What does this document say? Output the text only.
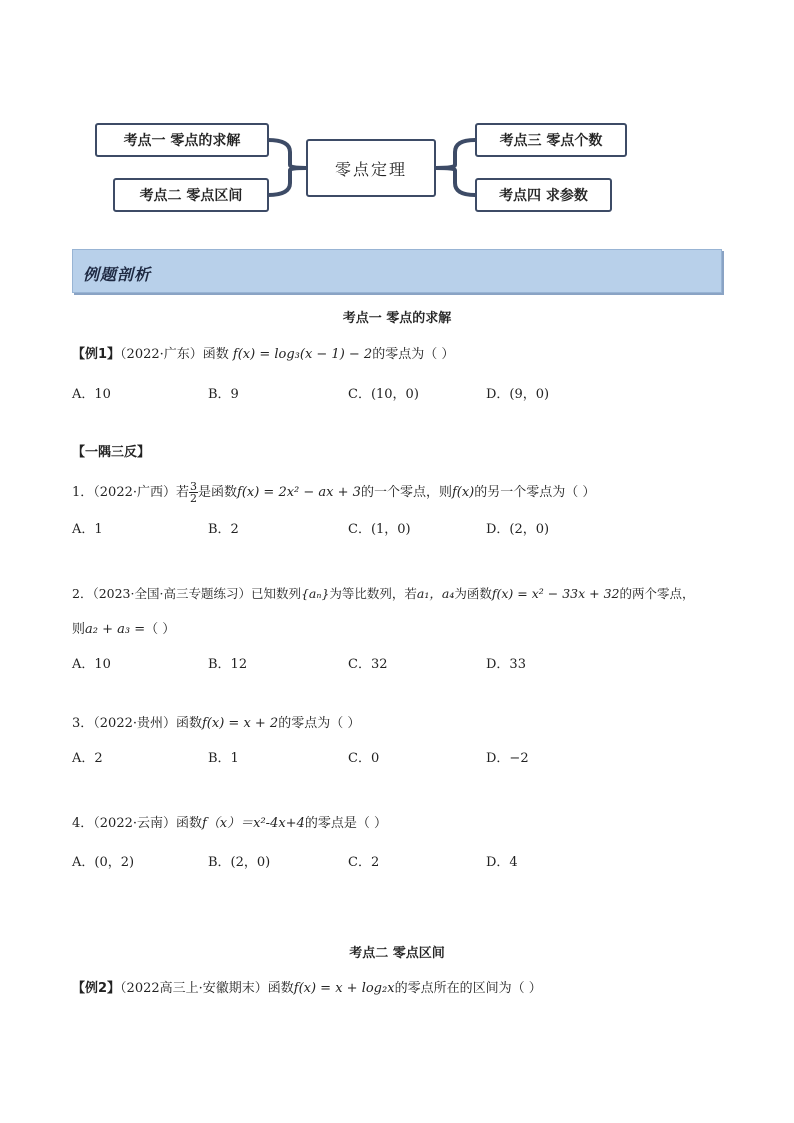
考点一 零点的求解
考点二 零点区间
零点定理
考点三 零点个数
考点四 求参数
例题剖析
考点一 零点的求解
【例1】（2022·广东）函数 f(x) = log₃(x − 1) − 2的零点为（ ）
A．10	B．9	C．(10，0)	D．(9，0)
【一隅三反】
1．（2022·广西）若 $\frac{3}{2}$ 是函数f(x) = 2x² − ax + 3的一个零点，则f(x)的另一个零点为（ ）
A．1	B．2	C．(1，0)	D．(2，0)
2．（2023·全国·高三专题练习）已知数列{aₙ}为等比数列，若a₁，a₄为函数f(x) = x² − 33x + 32的两个零点，
则a₂ + a₃ =（ ）
A．10	B．12	C．32	D．33
3．（2022·贵州）函数f(x) = x + 2的零点为（ ）
A．2	B．1	C．0	D．−2
4．（2022·云南）函数f（x）＝x²-4x+4的零点是（ ）
A．(0，2)	B．(2，0)	C．2	D．4
考点二 零点区间
【例2】（2022高三上·安徽期末）函数f(x) = x + log₂x的零点所在的区间为（ ）
